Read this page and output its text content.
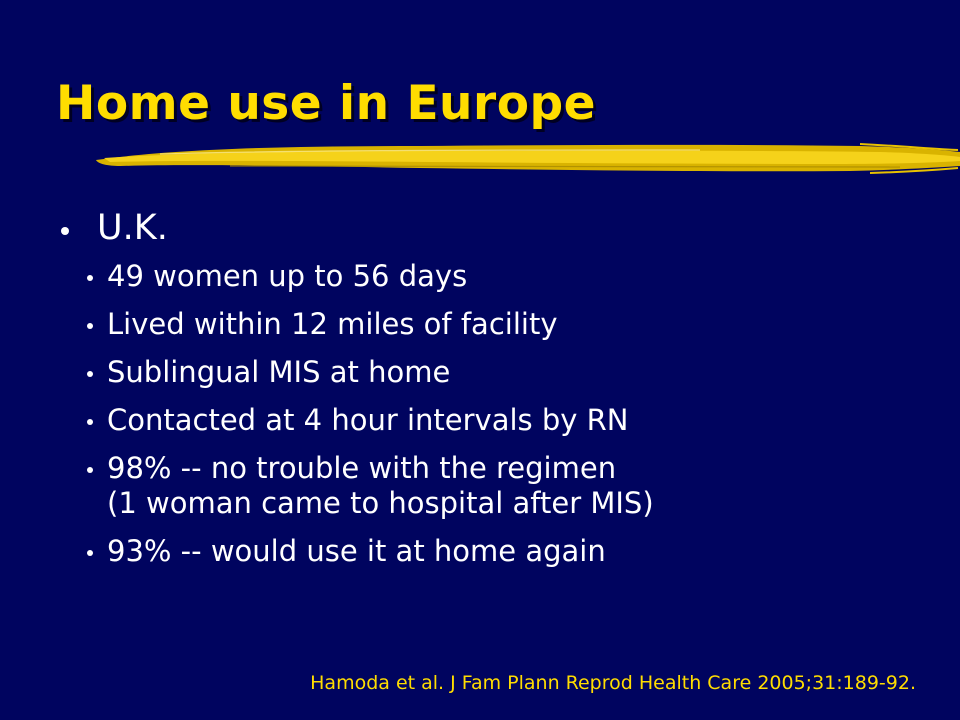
Home use in Europe
U.K.
49 women up to 56 days
Lived within 12 miles of facility
Sublingual MIS at home
Contacted at 4 hour intervals by RN
98% -- no trouble with the regimen
(1 woman came to hospital after MIS)
93% -- would use it at home again

Hamoda et al. J Fam Plann Reprod Health Care 2005;31:189-92.
